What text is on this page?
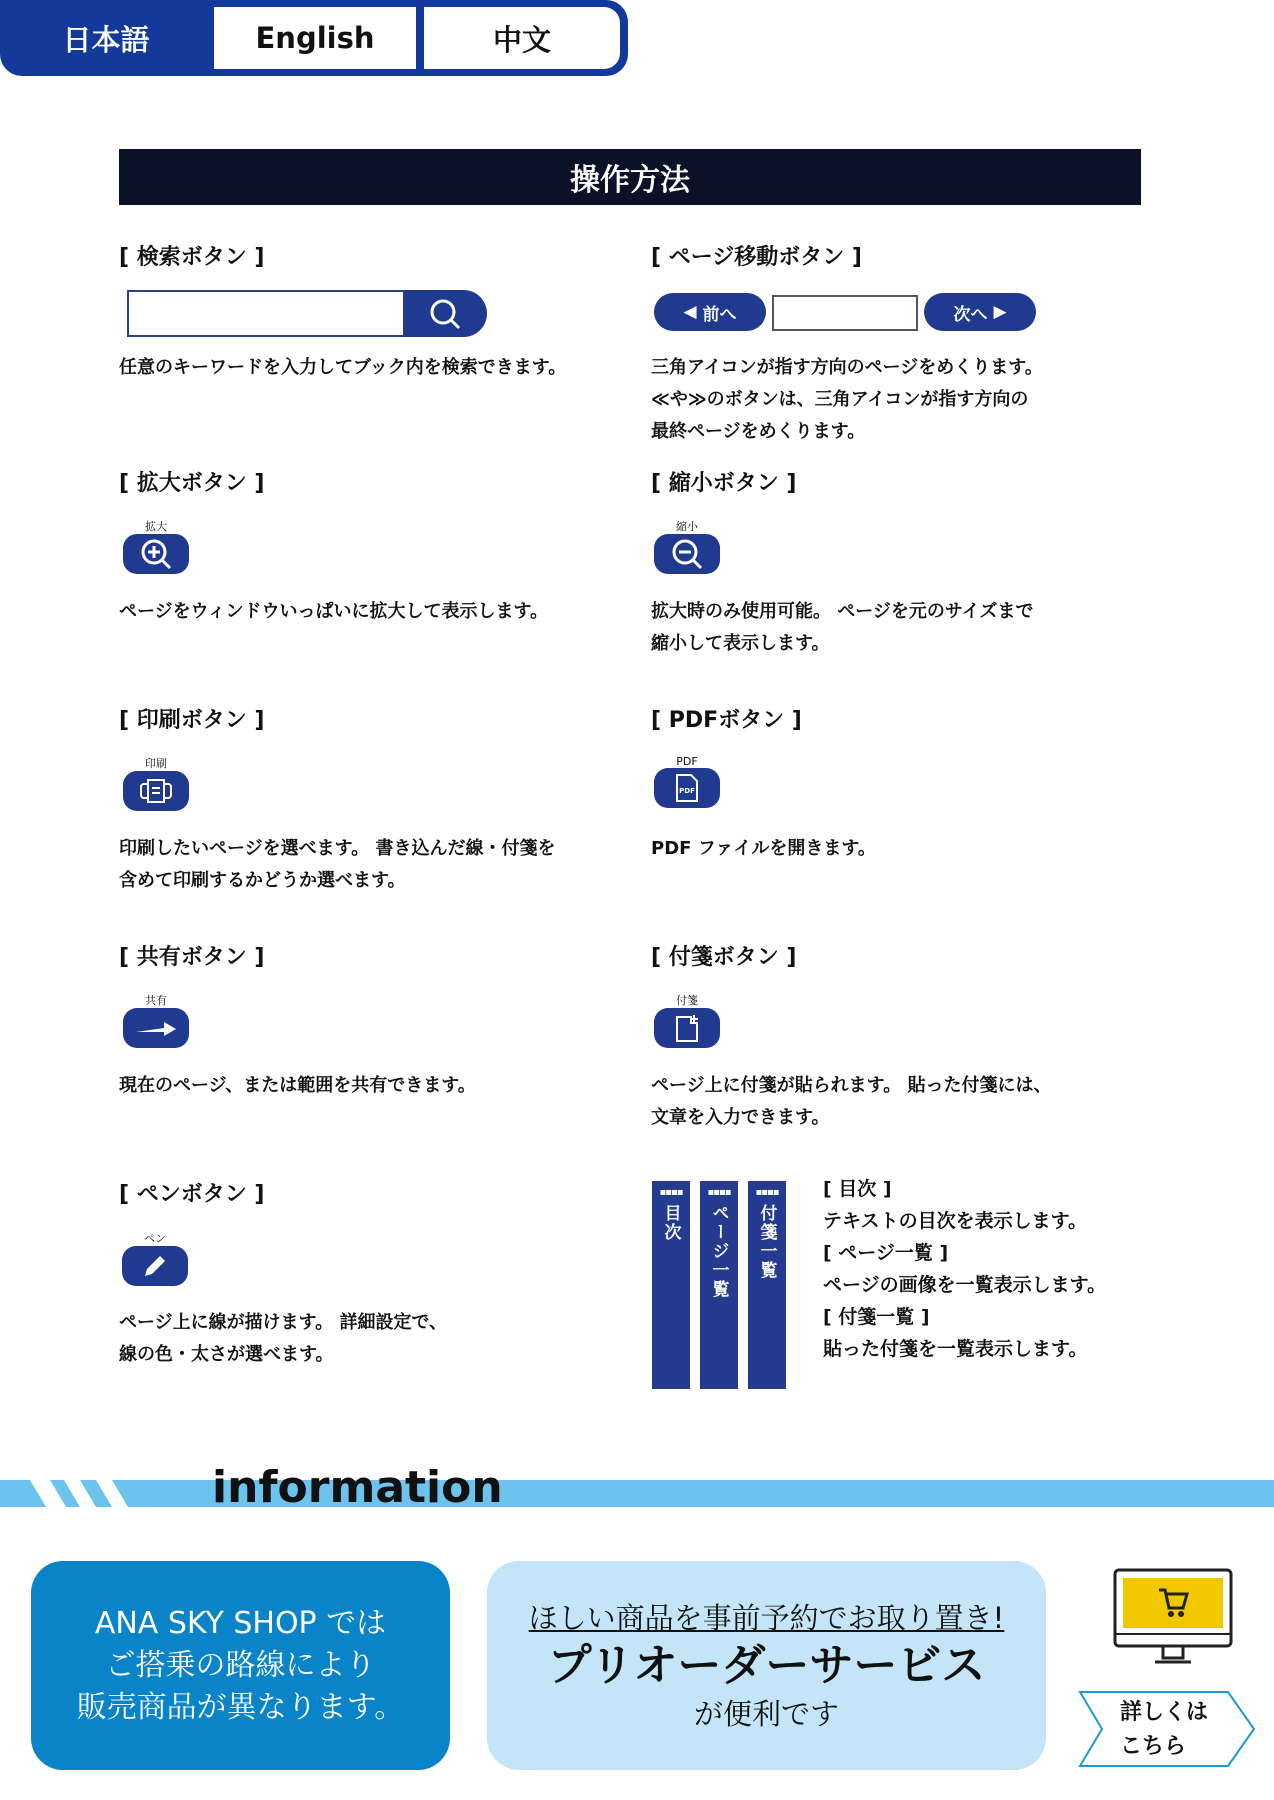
日本語	English	中文
操作方法
[ 検索ボタン ]
任意のキーワードを入力してブック内を検索できます。
[ ページ移動ボタン ]
◀ 前へ	次へ ▶
三角アイコンが指す方向のページをめくります。
≪や≫のボタンは、三角アイコンが指す方向の
最終ページをめくります。
[ 拡大ボタン ]
拡大
ページをウィンドウいっぱいに拡大して表示します。
[ 縮小ボタン ]
縮小
拡大時のみ使用可能。 ページを元のサイズまで
縮小して表示します。
[ 印刷ボタン ]
印刷
印刷したいページを選べます。 書き込んだ線・付箋を
含めて印刷するかどうか選べます。
[ PDFボタン ]
PDF
PDF
PDF ファイルを開きます。
[ 共有ボタン ]
共有
現在のページ、または範囲を共有できます。
[ 付箋ボタン ]
付箋
ページ上に付箋が貼られます。 貼った付箋には、
文章を入力できます。
[ ペンボタン ]
ペン
ページ上に線が描けます。 詳細設定で、
線の色・太さが選べます。
▪▪▪▪
目次
▪▪▪▪
ページ一覧
▪▪▪▪
付箋一覧
[ 目次 ]
テキストの目次を表示します。
[ ページ一覧 ]
ページの画像を一覧表示します。
[ 付箋一覧 ]
貼った付箋を一覧表示します。
information
ANA SKY SHOP では
ご搭乗の路線により
販売商品が異なります。
ほしい商品を事前予約でお取り置き!
プリオーダーサービス
が便利です	詳しくは
こちら
